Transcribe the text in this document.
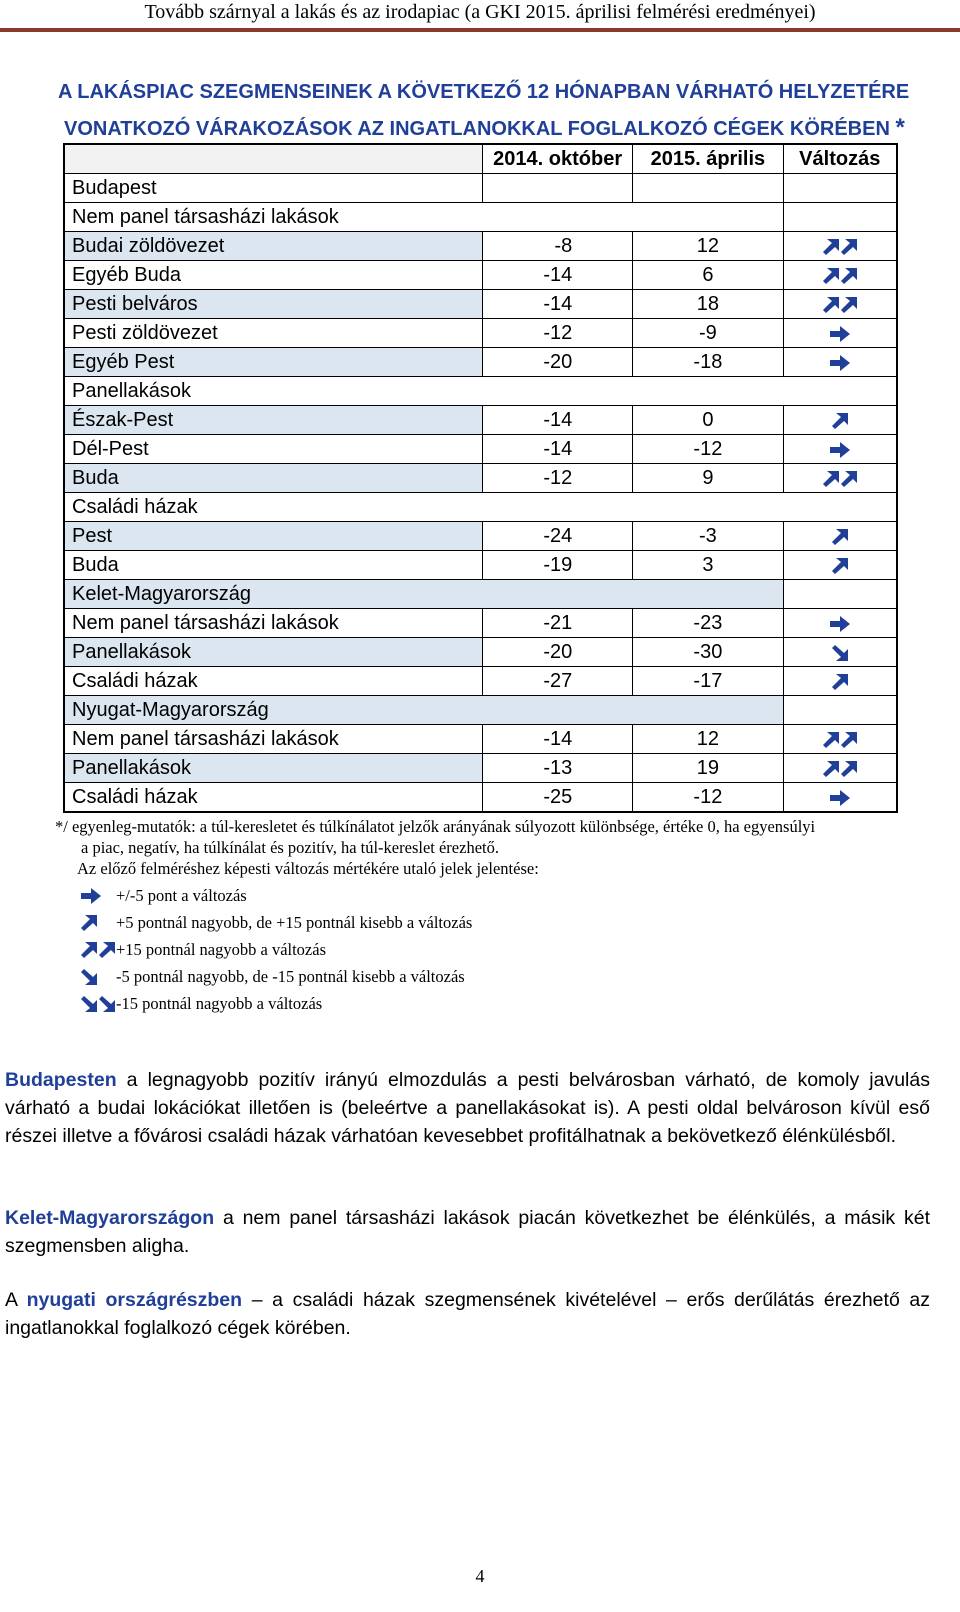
Tovább szárnyal a lakás és az irodapiac (a GKI 2015. áprilisi felmérési eredményei)
A LAKÁSPIAC SZEGMENSEINEK A KÖVETKEZŐ 12 HÓNAPBAN VÁRHATÓ HELYZETÉRE
VONATKOZÓ VÁRAKOZÁSOK AZ INGATLANOKKAL FOGLALKOZÓ CÉGEK KÖRÉBEN *
	2014. október	2015. április	Változás
Budapest			
Nem panel társasházi lakások			
Budai zöldövezet	-8	12	
Egyéb Buda	-14	6	
Pesti belváros	-14	18	
Pesti zöldövezet	-12	-9	
Egyéb Pest	-20	-18	
Panellakások			
Észak-Pest	-14	0	
Dél-Pest	-14	-12	
Buda	-12	9	
Családi házak			
Pest	-24	-3	
Buda	-19	3	
Kelet-Magyarország			
Nem panel társasházi lakások	-21	-23	
Panellakások	-20	-30	
Családi házak	-27	-17	
Nyugat-Magyarország			
Nem panel társasházi lakások	-14	12	
Panellakások	-13	19	
Családi házak	-25	-12	
*/ egyenleg-mutatók: a túl-keresletet és túlkínálatot jelzők arányának súlyozott különbsége, értéke 0, ha egyensúlyi
a piac, negatív, ha túlkínálat és pozitív, ha túl-kereslet érezhető.
Az előző felméréshez képesti változás mértékére utaló jelek jelentése:
+/-5 pont a változás
+5 pontnál nagyobb, de +15 pontnál kisebb a változás
+15 pontnál nagyobb a változás
-5 pontnál nagyobb, de -15 pontnál kisebb a változás
-15 pontnál nagyobb a változás
Budapesten a legnagyobb pozitív irányú elmozdulás a pesti belvárosban várható, de komoly javulás várható a budai lokációkat illetően is (beleértve a panellakásokat is). A pesti oldal belvároson kívül eső részei illetve a fővárosi családi házak várhatóan kevesebbet profitálhatnak a bekövetkező élénkülésből.
Kelet-Magyarországon a nem panel társasházi lakások piacán következhet be élénkülés, a másik két szegmensben aligha.
A nyugati országrészben – a családi házak szegmensének kivételével – erős derűlátás érezhető az ingatlanokkal foglalkozó cégek körében.
4
